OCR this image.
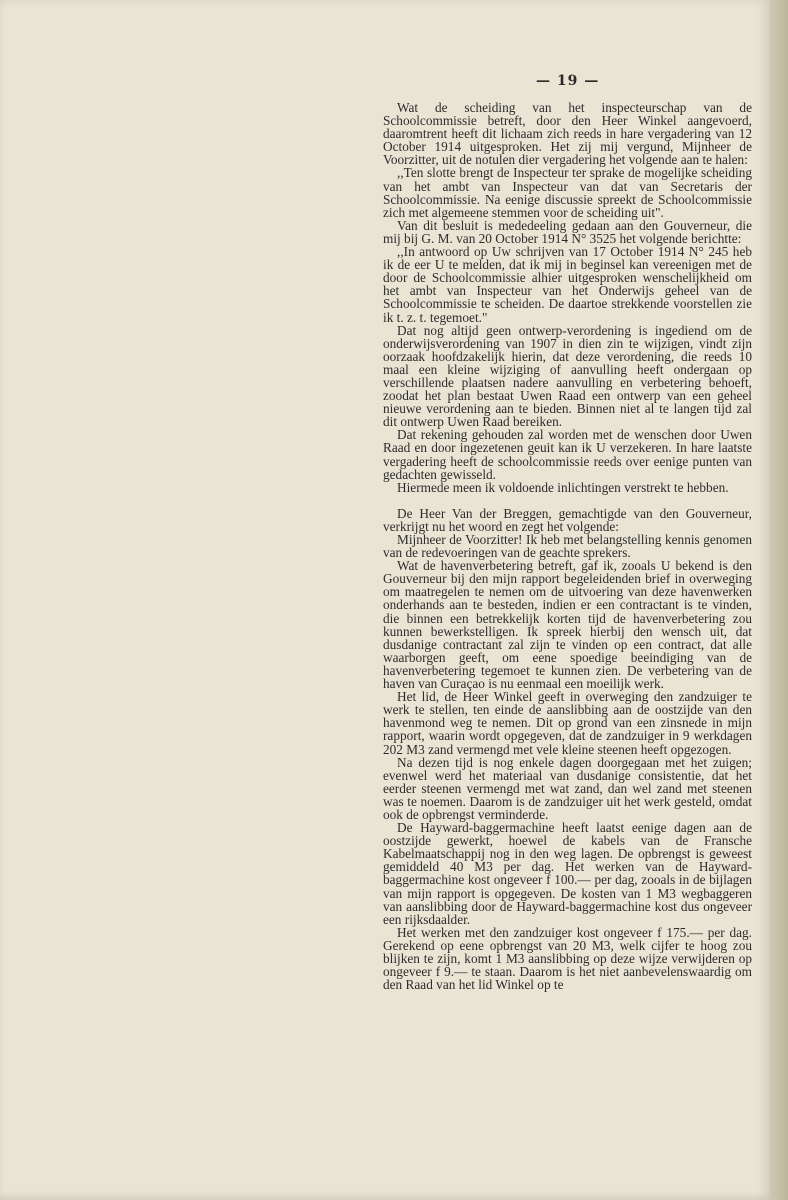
— 19 —

Wat de scheiding van het inspecteurschap van de Schoolcommissie betreft, door den Heer Winkel aangevoerd, daaromtrent heeft dit lichaam zich reeds in hare vergadering van 12 October 1914 uitgesproken. Het zij mij vergund, Mijnheer de Voorzitter, uit de notulen dier vergadering het volgende aan te halen:

,,Ten slotte brengt de Inspecteur ter sprake de mogelijke scheiding van het ambt van Inspecteur van dat van Secretaris der Schoolcommissie. Na eenige discussie spreekt de Schoolcommissie zich met algemeene stemmen voor de scheiding uit".

Van dit besluit is mededeeling gedaan aan den Gouverneur, die mij bij G. M. van 20 October 1914 N° 3525 het volgende berichtte:

,,In antwoord op Uw schrijven van 17 October 1914 N° 245 heb ik de eer U te melden, dat ik mij in beginsel kan vereenigen met de door de Schoolcommissie alhier uitgesproken wenschelijkheid om het ambt van Inspecteur van het Onderwijs geheel van de Schoolcommissie te scheiden. De daartoe strekkende voorstellen zie ik t. z. t. tegemoet."

Dat nog altijd geen ontwerp-verordening is ingediend om de onderwijsverordening van 1907 in dien zin te wijzigen, vindt zijn oorzaak hoofdzakelijk hierin, dat deze verordening, die reeds 10 maal een kleine wijziging of aanvulling heeft ondergaan op verschillende plaatsen nadere aanvulling en verbetering behoeft, zoodat het plan bestaat Uwen Raad een ontwerp van een geheel nieuwe verordening aan te bieden. Binnen niet al te langen tijd zal dit ontwerp Uwen Raad bereiken.

Dat rekening gehouden zal worden met de wenschen door Uwen Raad en door ingezetenen geuit kan ik U verzekeren. In hare laatste vergadering heeft de schoolcommissie reeds over eenige punten van gedachten gewisseld.

Hiermede meen ik voldoende inlichtingen verstrekt te hebben.

De Heer Van der Breggen, gemachtigde van den Gouverneur, verkrijgt nu het woord en zegt het volgende:

Mijnheer de Voorzitter! Ik heb met belangstelling kennis genomen van de redevoeringen van de geachte sprekers.

Wat de havenverbetering betreft, gaf ik, zooals U bekend is den Gouverneur bij den mijn rapport begeleidenden brief in overweging om maatregelen te nemen om de uitvoering van deze havenwerken onderhands aan te besteden, indien er een contractant is te vinden, die binnen een betrekkelijk korten tijd de havenverbetering zou kunnen bewerkstelligen. Ik spreek hierbij den wensch uit, dat dusdanige contractant zal zijn te vinden op een contract, dat alle waarborgen geeft, om eene spoedige beeindiging van de havenverbetering tegemoet te kunnen zien. De verbetering van de haven van Curaçao is nu eenmaal een moeilijk werk.

Het lid, de Heer Winkel geeft in overweging den zandzuiger te werk te stellen, ten einde de aanslibbing aan de oostzijde van den havenmond weg te nemen. Dit op grond van een zinsnede in mijn rapport, waarin wordt opgegeven, dat de zandzuiger in 9 werkdagen 202 M3 zand vermengd met vele kleine steenen heeft opgezogen.

Na dezen tijd is nog enkele dagen doorgegaan met het zuigen; evenwel werd het materiaal van dusdanige consistentie, dat het eerder steenen vermengd met wat zand, dan wel zand met steenen was te noemen. Daarom is de zandzuiger uit het werk gesteld, omdat ook de opbrengst verminderde.

De Hayward-baggermachine heeft laatst eenige dagen aan de oostzijde gewerkt, hoewel de kabels van de Fransche Kabelmaatschappij nog in den weg lagen. De opbrengst is geweest gemiddeld 40 M3 per dag. Het werken van de Hayward-baggermachine kost ongeveer f 100.— per dag, zooals in de bijlagen van mijn rapport is opgegeven. De kosten van 1 M3 wegbaggeren van aanslibbing door de Hayward-baggermachine kost dus ongeveer een rijksdaalder.

Het werken met den zandzuiger kost ongeveer f 175.— per dag. Gerekend op eene opbrengst van 20 M3, welk cijfer te hoog zou blijken te zijn, komt 1 M3 aanslibbing op deze wijze verwijderen op ongeveer f 9.— te staan. Daarom is het niet aanbevelenswaardig om den Raad van het lid Winkel op te
